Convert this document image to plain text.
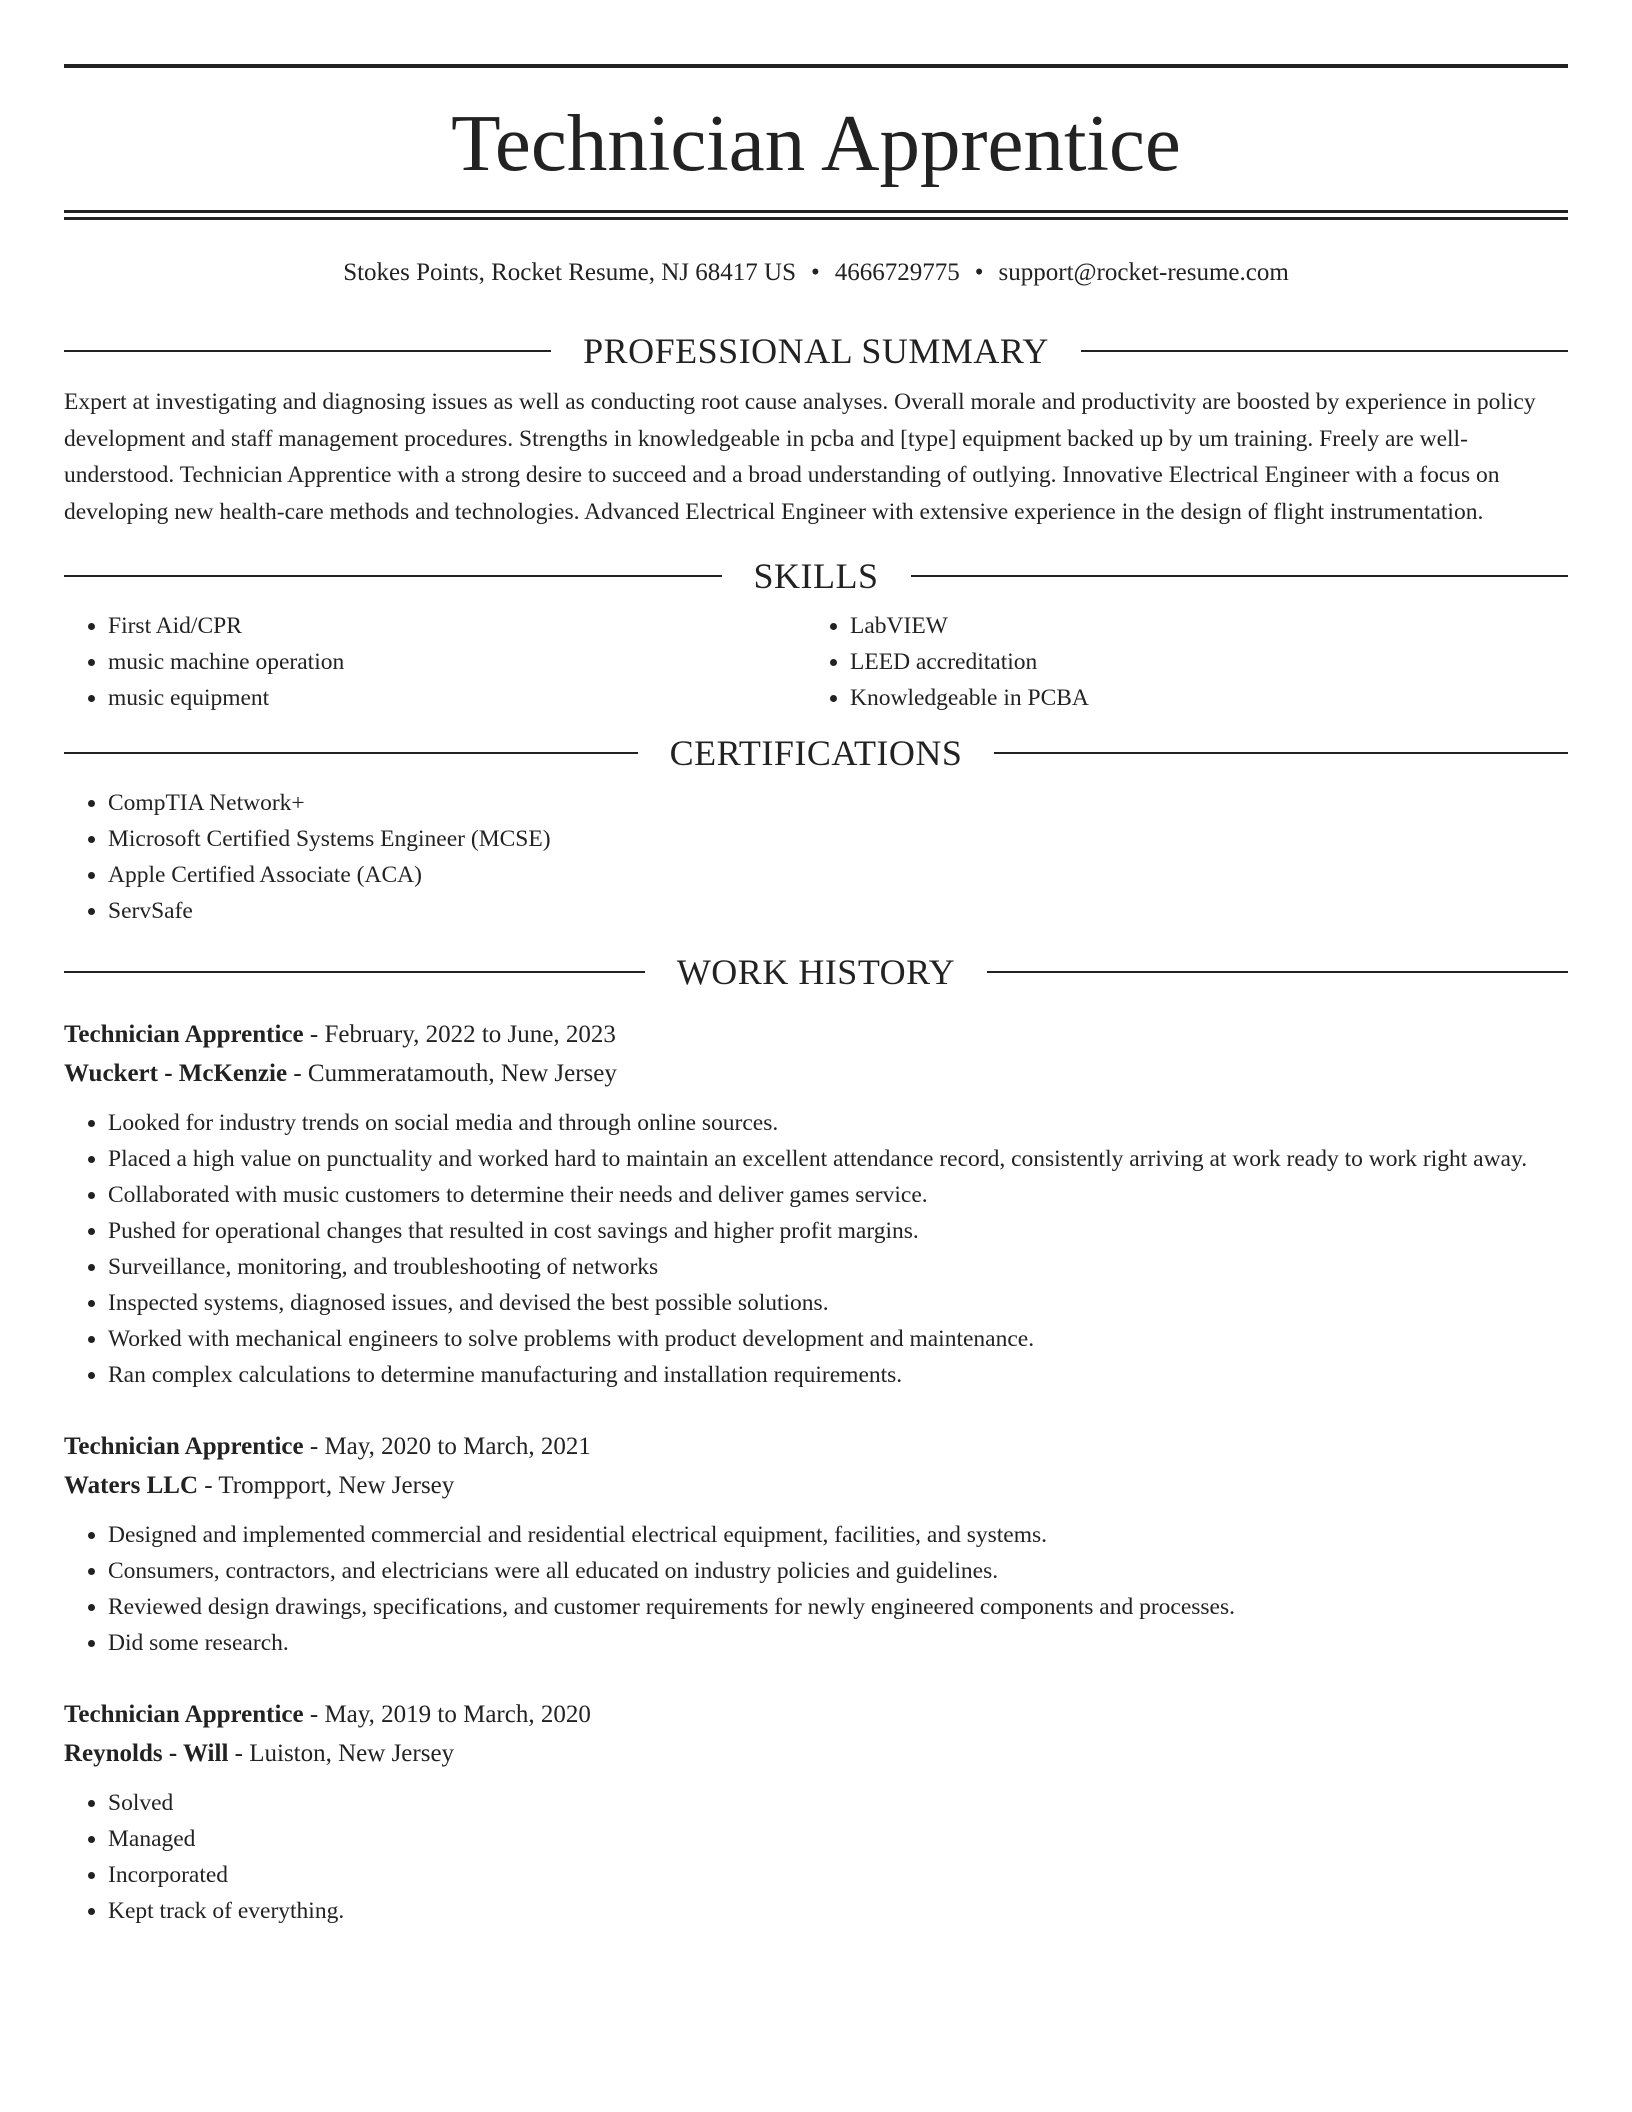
Technician Apprentice
Stokes Points, Rocket Resume, NJ 68417 US • 4666729775 • support@rocket-resume.com
PROFESSIONAL SUMMARY

Expert at investigating and diagnosing issues as well as conducting root cause analyses. Overall morale and productivity are boosted by experience in policy development and staff management procedures. Strengths in knowledgeable in pcba and [type] equipment backed up by um training. Freely are well-understood. Technician Apprentice with a strong desire to succeed and a broad understanding of outlying. Innovative Electrical Engineer with a focus on developing new health-care methods and technologies. Advanced Electrical Engineer with extensive experience in the design of flight instrumentation.

SKILLS
• First Aid/CPR
• music machine operation
• music equipment
• LabVIEW
• LEED accreditation
• Knowledgeable in PCBA
CERTIFICATIONS
• CompTIA Network+
• Microsoft Certified Systems Engineer (MCSE)
• Apple Certified Associate (ACA)
• ServSafe
WORK HISTORY
Technician Apprentice - February, 2022 to June, 2023
Wuckert - McKenzie - Cummeratamouth, New Jersey
• Looked for industry trends on social media and through online sources.
• Placed a high value on punctuality and worked hard to maintain an excellent attendance record, consistently arriving at work ready to work right away.
• Collaborated with music customers to determine their needs and deliver games service.
• Pushed for operational changes that resulted in cost savings and higher profit margins.
• Surveillance, monitoring, and troubleshooting of networks
• Inspected systems, diagnosed issues, and devised the best possible solutions.
• Worked with mechanical engineers to solve problems with product development and maintenance.
• Ran complex calculations to determine manufacturing and installation requirements.
Technician Apprentice - May, 2020 to March, 2021
Waters LLC - Trompport, New Jersey
• Designed and implemented commercial and residential electrical equipment, facilities, and systems.
• Consumers, contractors, and electricians were all educated on industry policies and guidelines.
• Reviewed design drawings, specifications, and customer requirements for newly engineered components and processes.
• Did some research.
Technician Apprentice - May, 2019 to March, 2020
Reynolds - Will - Luiston, New Jersey
• Solved
• Managed
• Incorporated
• Kept track of everything.
